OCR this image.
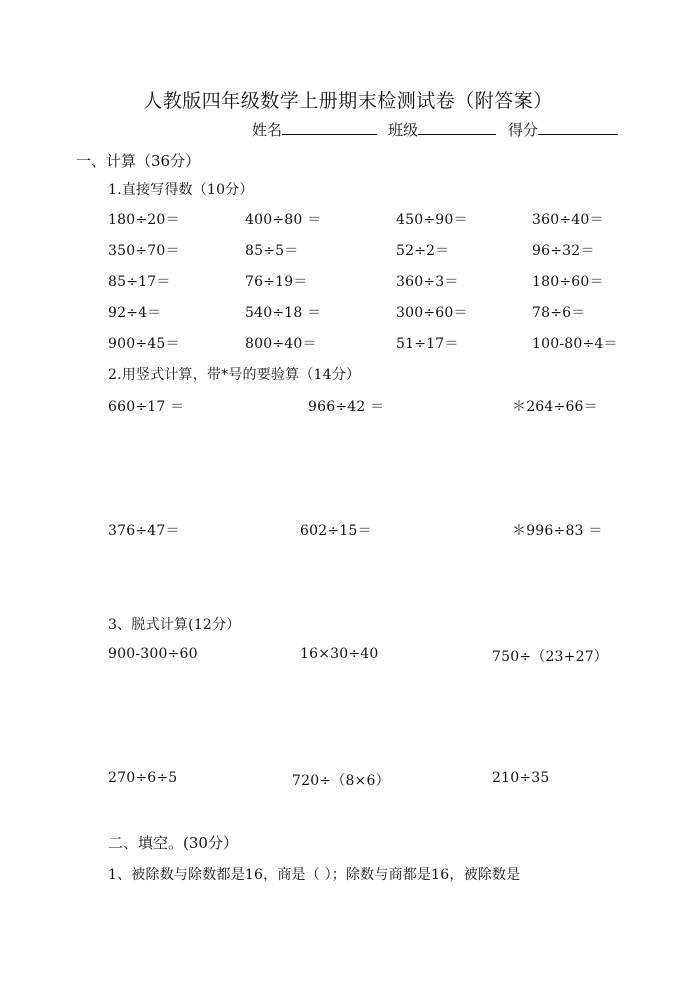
人教版四年级数学上册期末检测试卷（附答案）
姓名	班级	得分
一、计算（36分）
1.直接写得数（10分）
180÷20＝	400÷80 ＝	450÷90＝	360÷40＝
350÷70＝	85÷5＝	52÷2＝	96÷32＝
85÷17＝	76÷19＝	360÷3＝	180÷60＝
92÷4＝	540÷18 ＝	300÷60＝	78÷6＝
900÷45＝	800÷40＝	51÷17＝	100-80÷4＝
2.用竖式计算，带*号的要验算（14分）
660÷17 ＝	966÷42 ＝	＊264÷66＝
376÷47＝	602÷15＝	＊996÷83 ＝
3、脱式计算(12分）
900-300÷60	16×30÷40	750÷（23+27）
270÷6÷5	720÷（8×6）	210÷35
二、填空。(30分）
1、被除数与除数都是16，商是（ ）；除数与商都是16，被除数是
